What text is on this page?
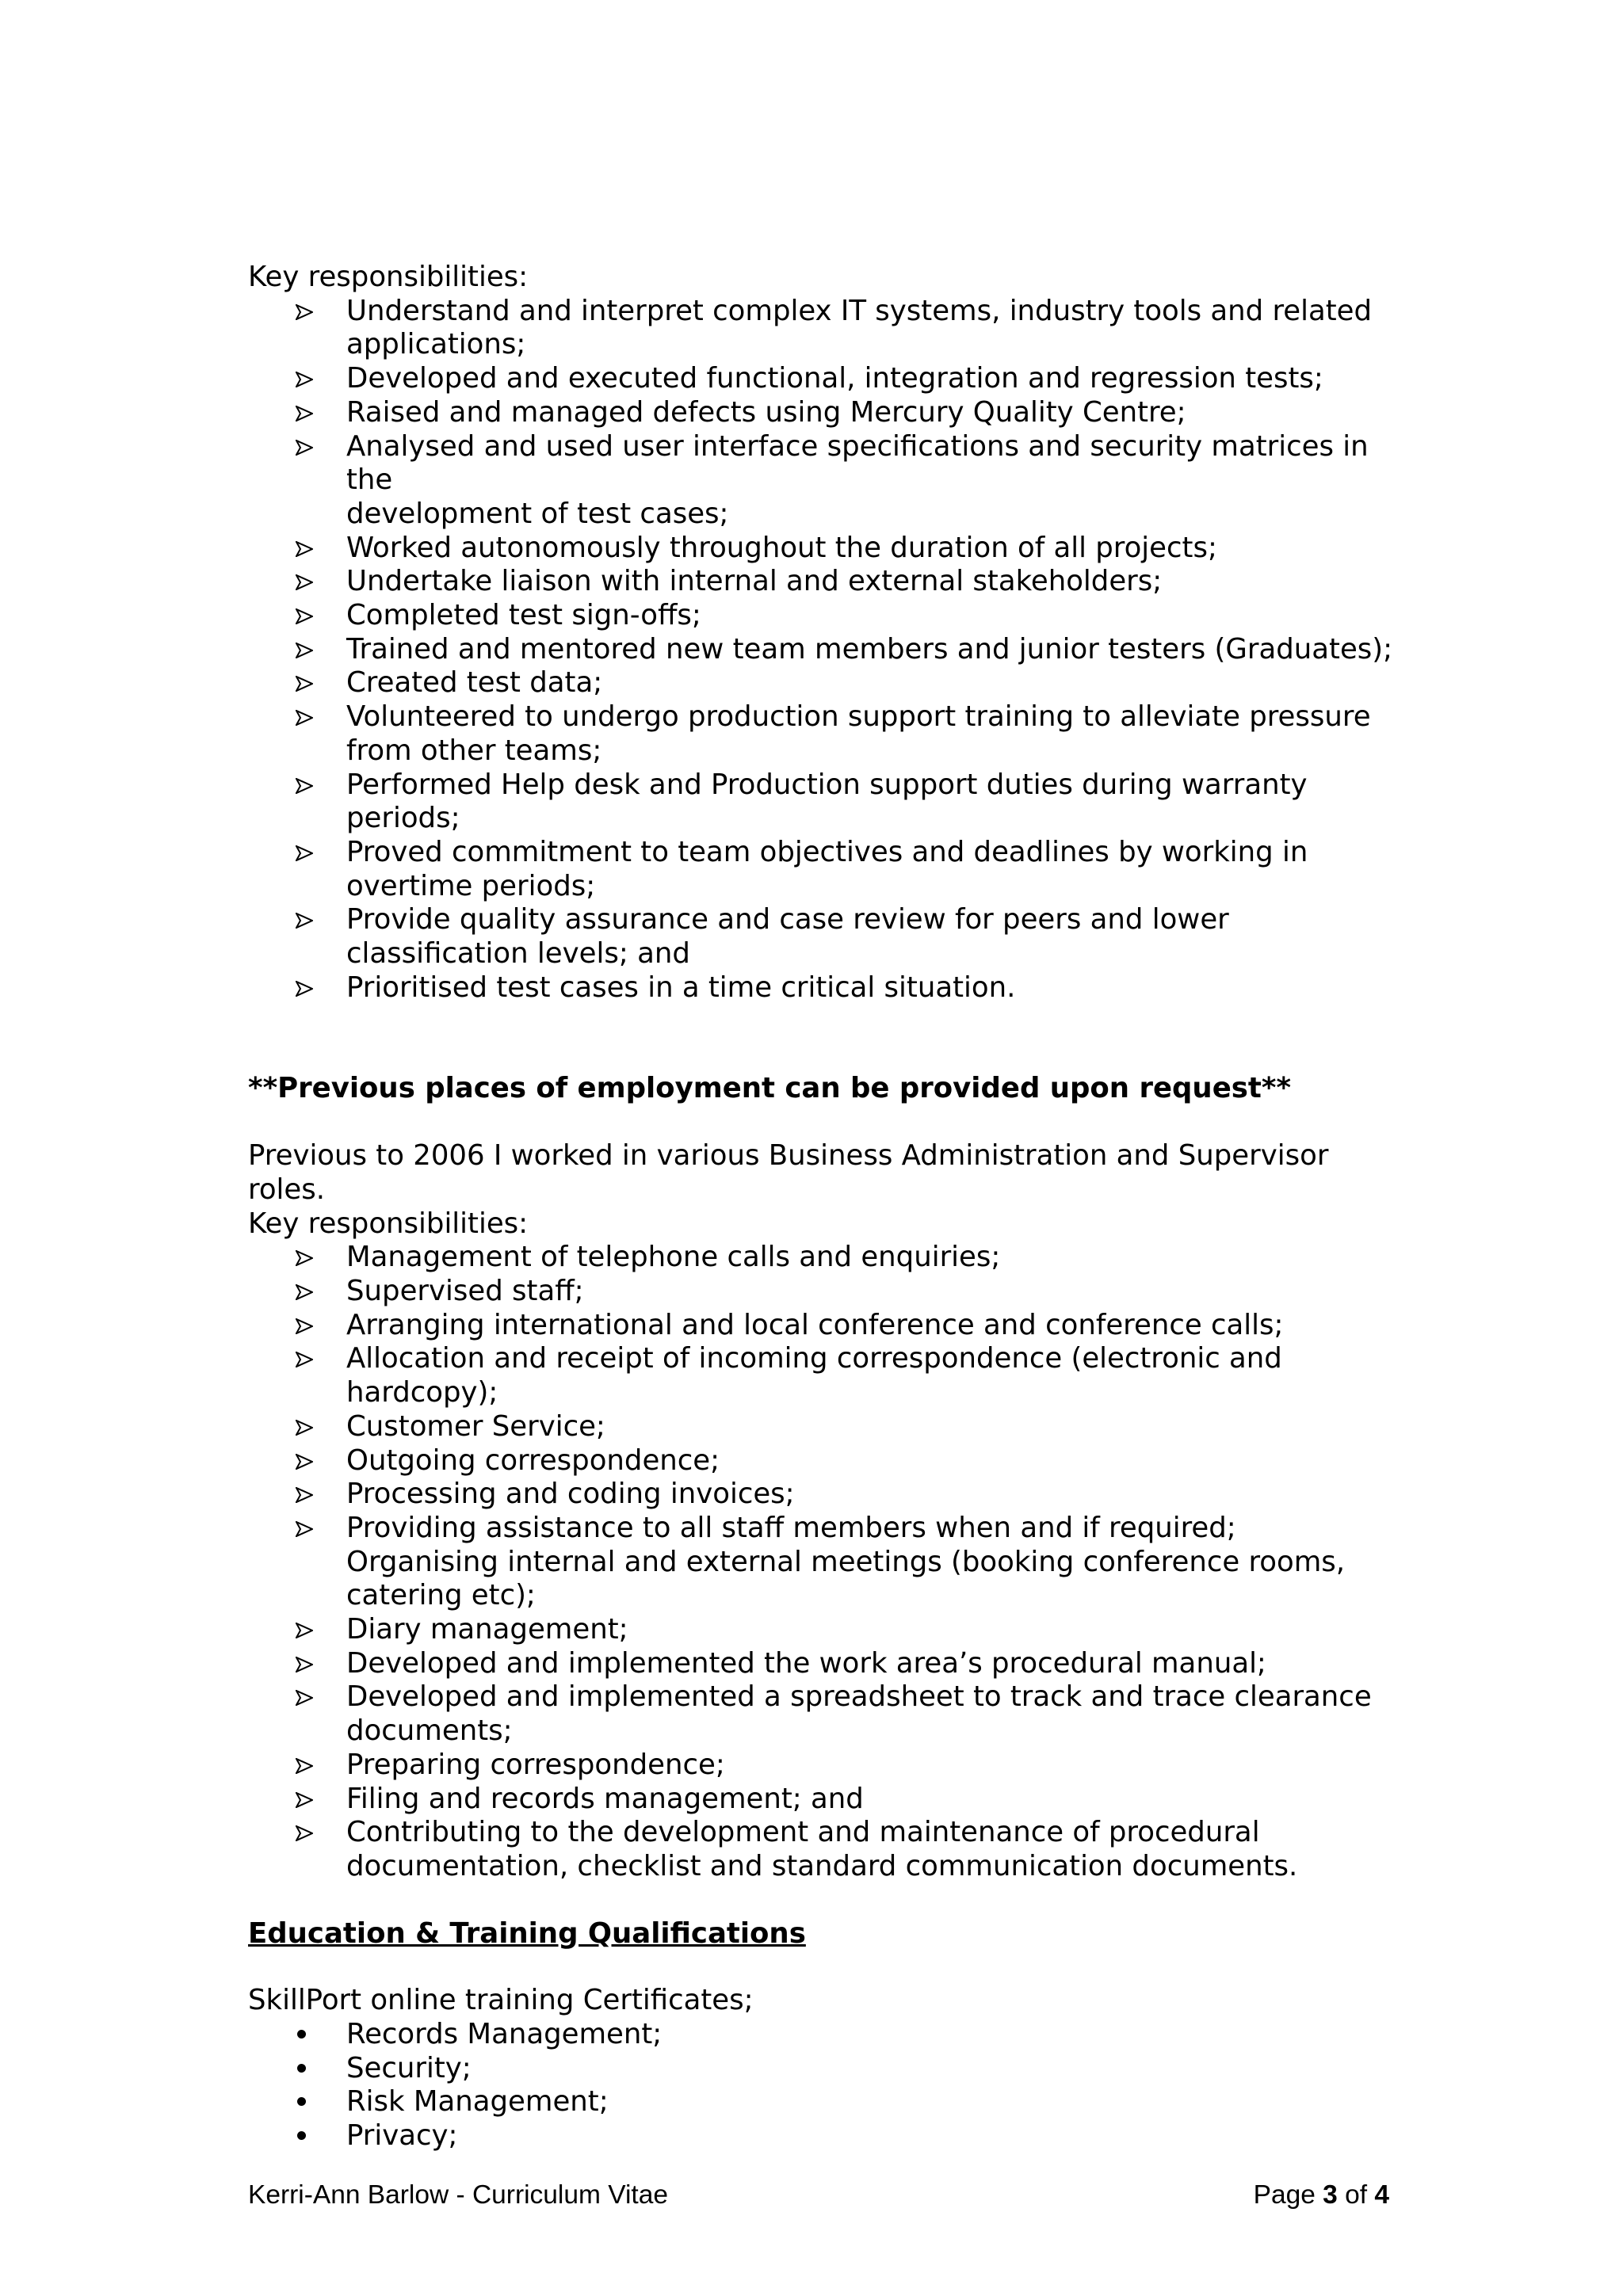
Key responsibilities:

Understand and interpret complex IT systems, industry tools and related
applications;
Developed and executed functional, integration and regression tests;
Raised and managed defects using Mercury Quality Centre;
Analysed and used user interface specifications and security matrices in the
development of test cases;
Worked autonomously throughout the duration of all projects;
Undertake liaison with internal and external stakeholders;
Completed test sign-offs;
Trained and mentored new team members and junior testers (Graduates);
Created test data;
Volunteered to undergo production support training to alleviate pressure
from other teams;
Performed Help desk and Production support duties during warranty periods;
Proved commitment to team objectives and deadlines by working in
overtime periods;
Provide quality assurance and case review for peers and lower
classification levels; and
Prioritised test cases in a time critical situation.

**Previous places of employment can be provided upon request**

Previous to 2006 I worked in various Business Administration and Supervisor

roles.

Key responsibilities:

Management of telephone calls and enquiries;
Supervised staff;
Arranging international and local conference and conference calls;
Allocation and receipt of incoming correspondence (electronic and
hardcopy);
Customer Service;
Outgoing correspondence;
Processing and coding invoices;
Providing assistance to all staff members when and if required;
Organising internal and external meetings (booking conference rooms,
catering etc);
Diary management;
Developed and implemented the work area’s procedural manual;
Developed and implemented a spreadsheet to track and trace clearance
documents;
Preparing correspondence;
Filing and records management; and
Contributing to the development and maintenance of procedural
documentation, checklist and standard communication documents.

Education & Training Qualifications

SkillPort online training Certificates;

Records Management;
Security;
Risk Management;
Privacy;
Kerri-Ann Barlow - Curriculum Vitae	Page 3 of 4
